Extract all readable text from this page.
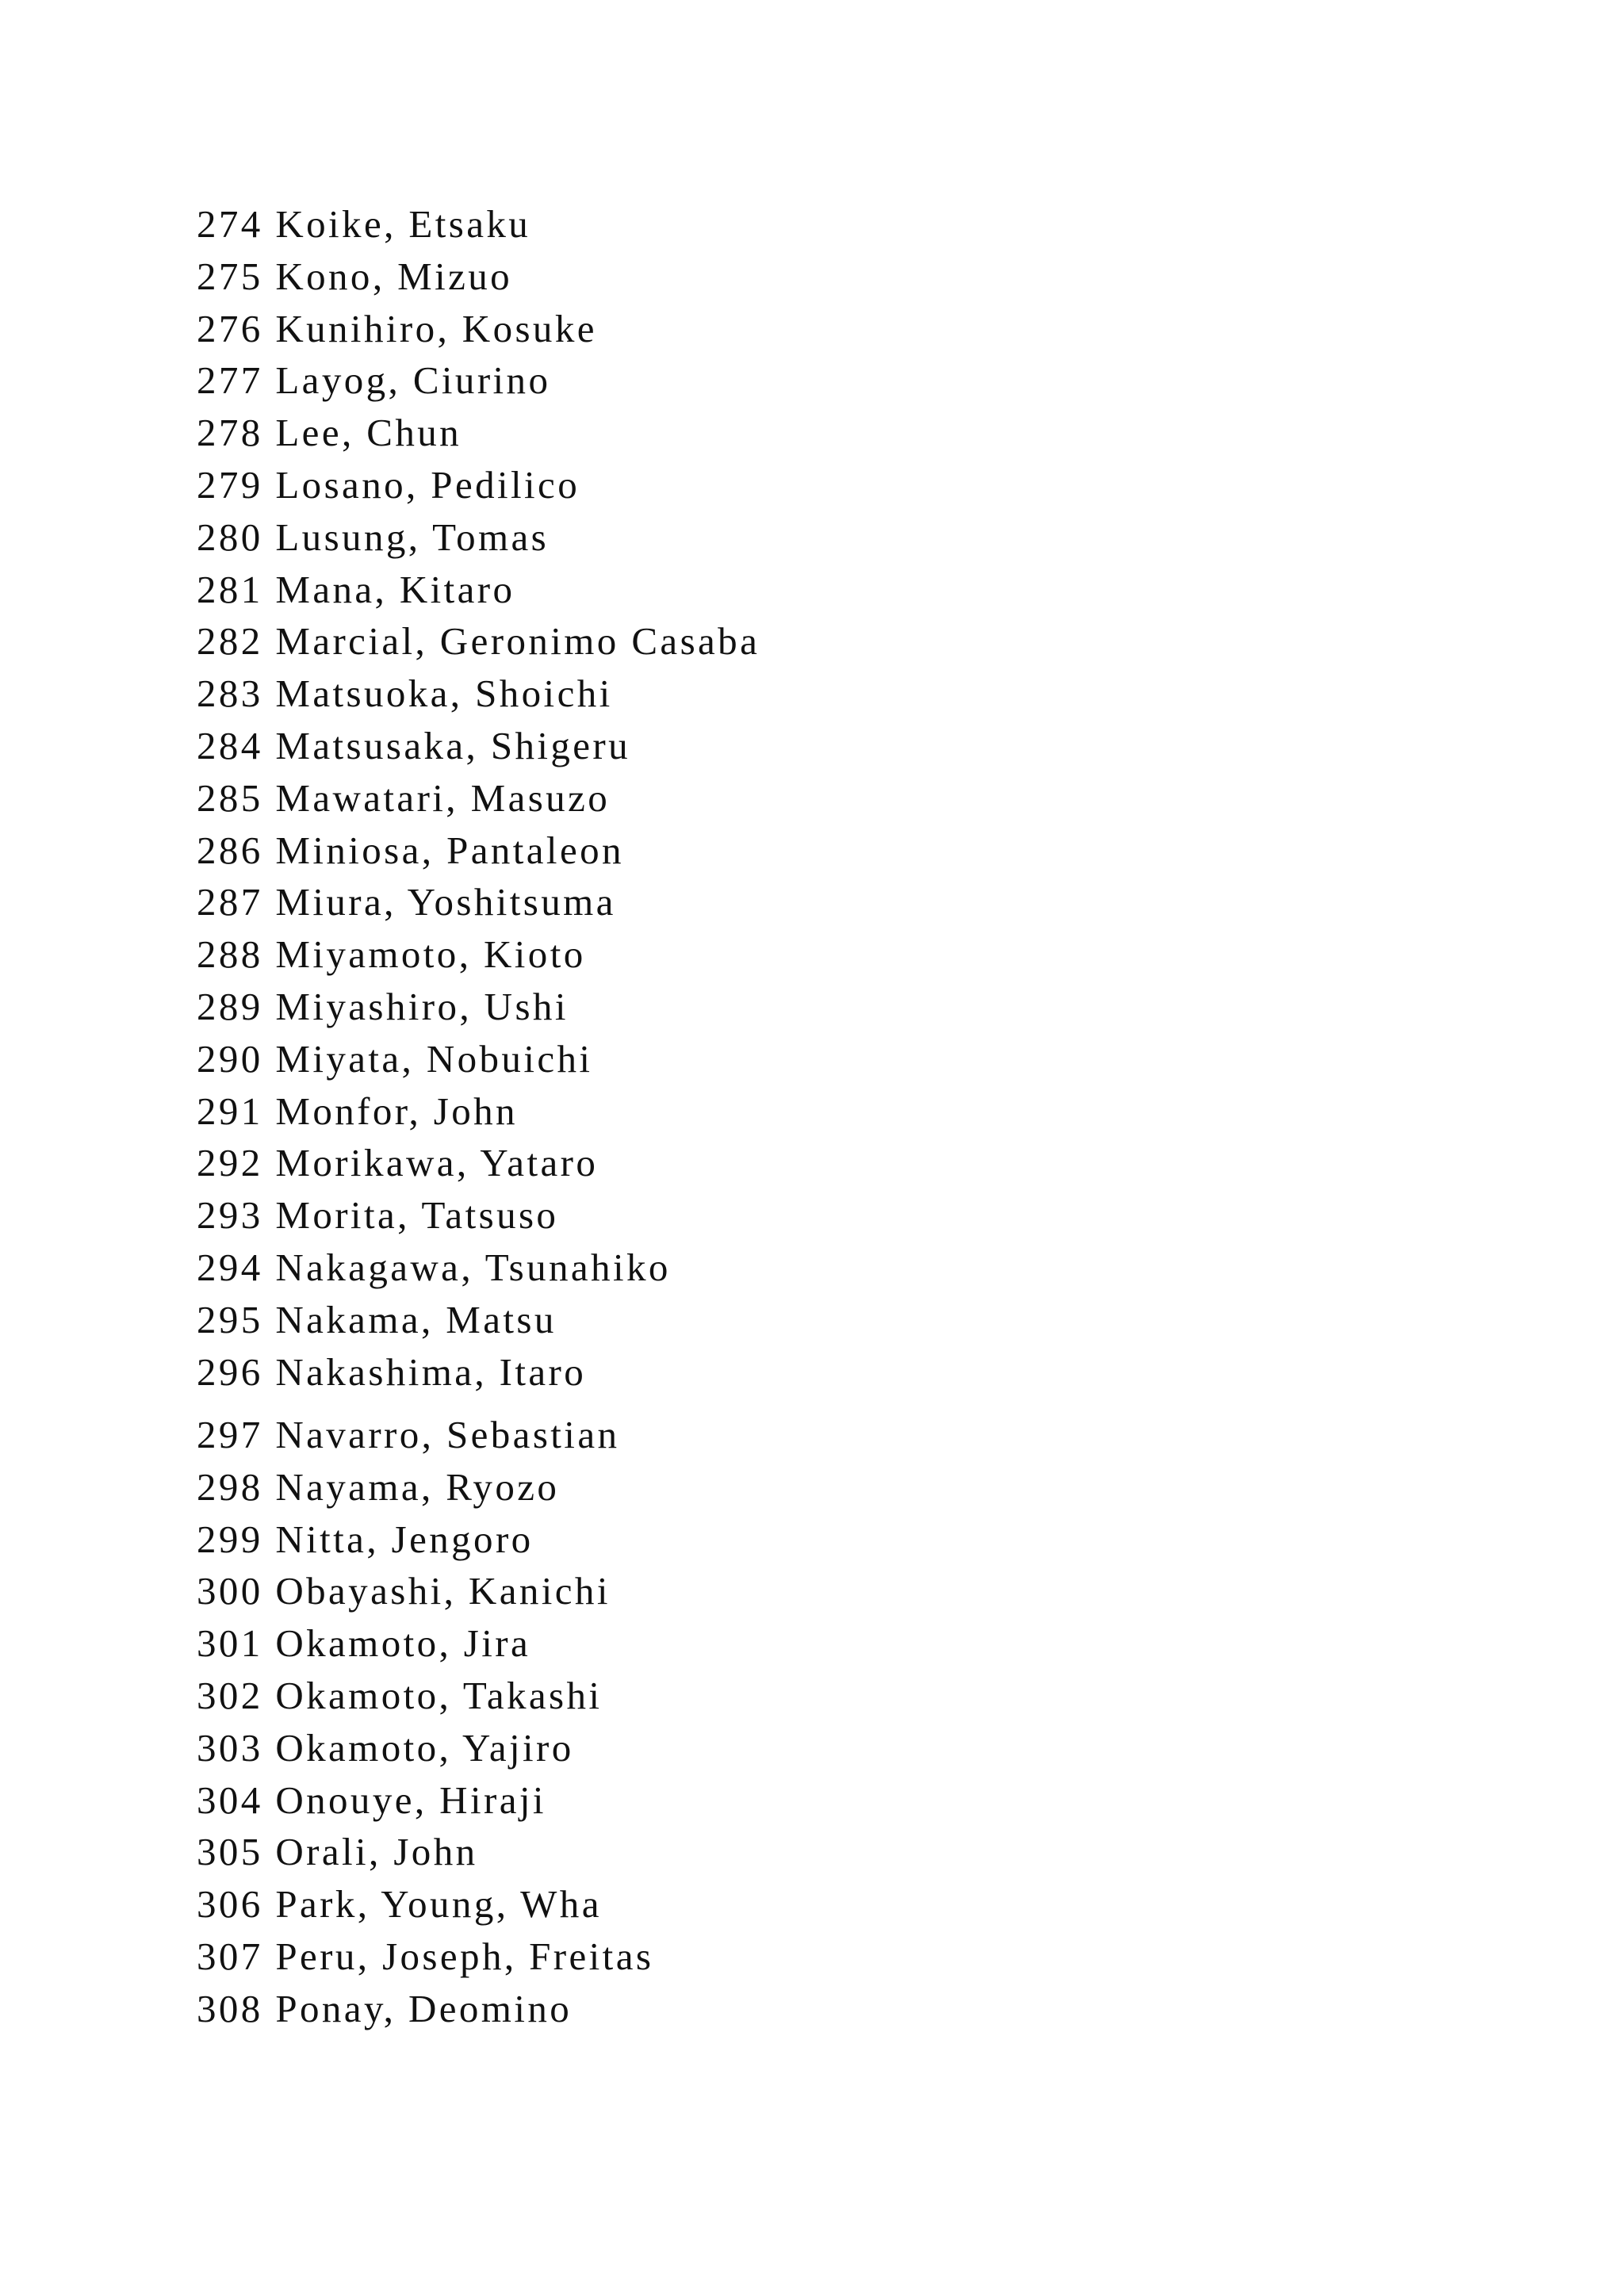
274 Koike, Etsaku
275 Kono, Mizuo
276 Kunihiro, Kosuke
277 Layog, Ciurino
278 Lee, Chun
279 Losano, Pedilico
280 Lusung, Tomas
281 Mana, Kitaro
282 Marcial, Geronimo Casaba
283 Matsuoka, Shoichi
284 Matsusaka, Shigeru
285 Mawatari, Masuzo
286 Miniosa, Pantaleon
287 Miura, Yoshitsuma
288 Miyamoto, Kioto
289 Miyashiro, Ushi
290 Miyata, Nobuichi
291 Monfor, John
292 Morikawa, Yataro
293 Morita, Tatsuso
294 Nakagawa, Tsunahiko
295 Nakama, Matsu
296 Nakashima, Itaro
297 Navarro, Sebastian
298 Nayama, Ryozo
299 Nitta, Jengoro
300 Obayashi, Kanichi
301 Okamoto, Jira
302 Okamoto, Takashi
303 Okamoto, Yajiro
304 Onouye, Hiraji
305 Orali, John
306 Park, Young, Wha
307 Peru, Joseph, Freitas
308 Ponay, Deomino
